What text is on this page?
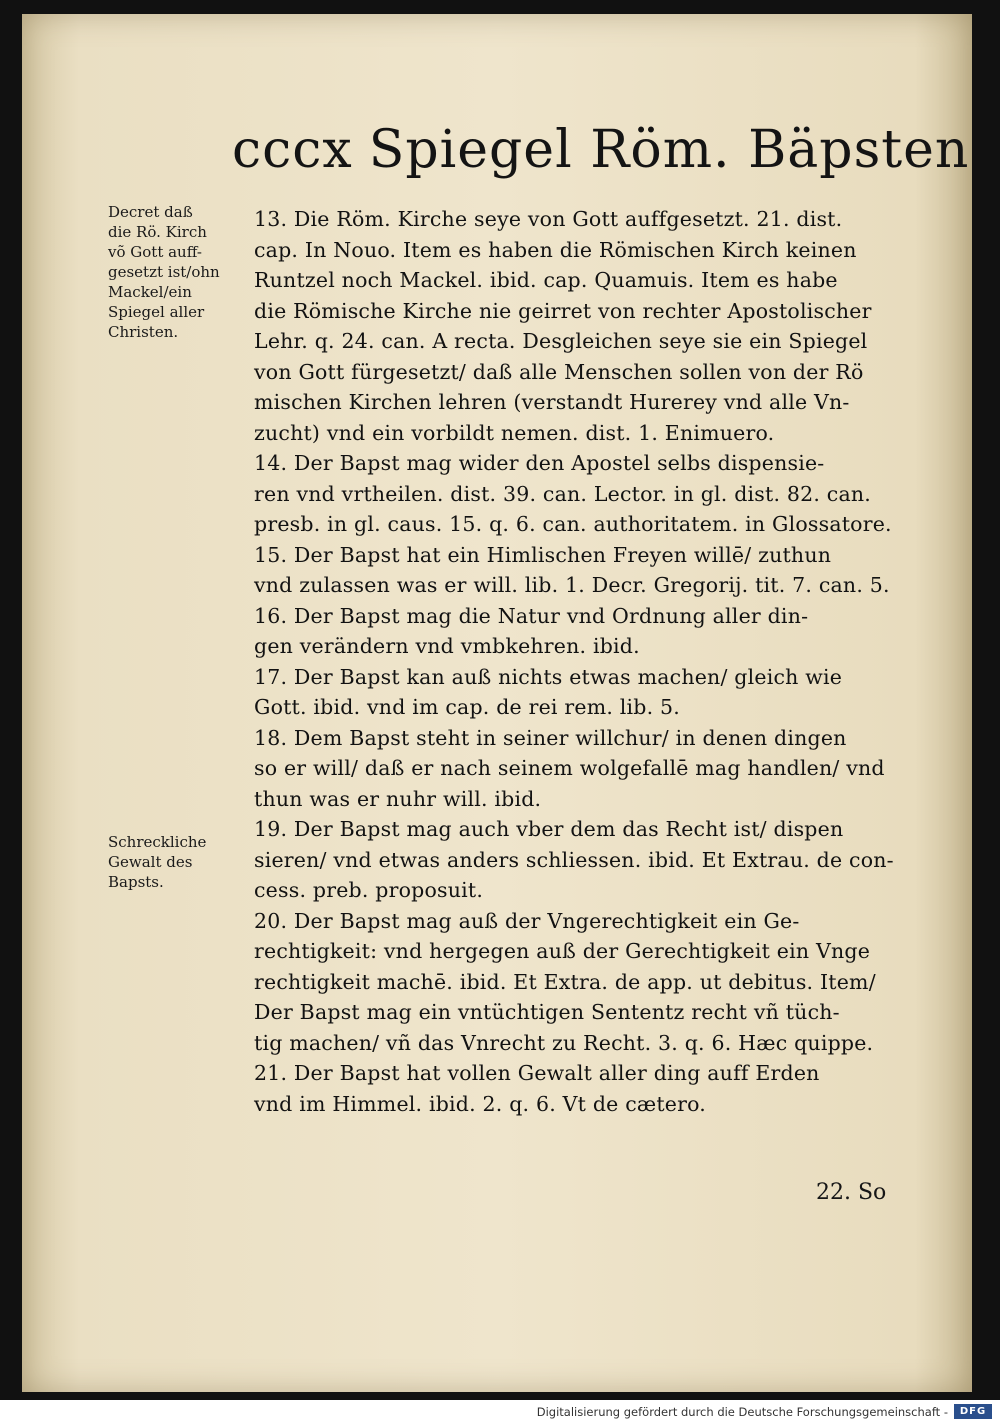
cccx Spiegel Röm. Bäpsten
Decret daß
die Rö. Kirch
võ Gott auff-
gesetzt ist/ohn
Mackel/ein
Spiegel aller
Christen.
Schreckliche
Gewalt des
Bapsts.
13. Die Röm. Kirche seye von Gott auffgesetzt. 21. dist.
cap. In Nouo. Item es haben die Römischen Kirch keinen
Runtzel noch Mackel. ibid. cap. Quamuis. Item es habe
die Römische Kirche nie geirret von rechter Apostolischer
Lehr. q. 24. can. A recta. Desgleichen seye sie ein Spiegel
von Gott fürgesetzt/ daß alle Menschen sollen von der Rö
mischen Kirchen lehren (verstandt Hurerey vnd alle Vn-
zucht) vnd ein vorbildt nemen. dist. 1. Enimuero.
14. Der Bapst mag wider den Apostel selbs dispensie-
ren vnd vrtheilen. dist. 39. can. Lector. in gl. dist. 82. can.
presb. in gl. caus. 15. q. 6. can. authoritatem. in Glossatore.
15. Der Bapst hat ein Himlischen Freyen willē/ zuthun
vnd zulassen was er will. lib. 1. Decr. Gregorij. tit. 7. can. 5.
16. Der Bapst mag die Natur vnd Ordnung aller din-
gen verändern vnd vmbkehren. ibid.
17. Der Bapst kan auß nichts etwas machen/ gleich wie
Gott. ibid. vnd im cap. de rei rem. lib. 5.
18. Dem Bapst steht in seiner willchur/ in denen dingen
so er will/ daß er nach seinem wolgefallē mag handlen/ vnd
thun was er nuhr will. ibid.
19. Der Bapst mag auch vber dem das Recht ist/ dispen
sieren/ vnd etwas anders schliessen. ibid. Et Extrau. de con-
cess. preb. proposuit.
20. Der Bapst mag auß der Vngerechtigkeit ein Ge-
rechtigkeit: vnd hergegen auß der Gerechtigkeit ein Vnge
rechtigkeit machē. ibid. Et Extra. de app. ut debitus. Item/
Der Bapst mag ein vntüchtigen Sententz recht vñ tüch-
tig machen/ vñ das Vnrecht zu Recht. 3. q. 6. Hæc quippe.
21. Der Bapst hat vollen Gewalt aller ding auff Erden
vnd im Himmel. ibid. 2. q. 6. Vt de cætero.
22. So
Digitalisierung gefördert durch die Deutsche Forschungsgemeinschaft -	DFG
